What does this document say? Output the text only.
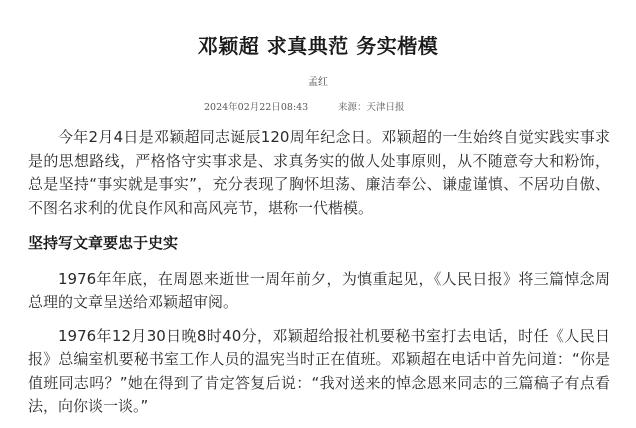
邓颖超 求真典范 务实楷模
孟红
2024年02月22日08:43	来源：天津日报

今年2月4日是邓颖超同志诞辰120周年纪念日。邓颖超的一生始终自觉实践实事求是的思想路线，严格恪守实事求是、求真务实的做人处事原则，从不随意夸大和粉饰，总是坚持“事实就是事实”，充分表现了胸怀坦荡、廉洁奉公、谦虚谨慎、不居功自傲、不图名求利的优良作风和高风亮节，堪称一代楷模。

坚持写文章要忠于史实

1976年年底，在周恩来逝世一周年前夕，为慎重起见，《人民日报》将三篇悼念周总理的文章呈送给邓颖超审阅。

1976年12月30日晚8时40分，邓颖超给报社机要秘书室打去电话，时任《人民日报》总编室机要秘书室工作人员的温宪当时正在值班。邓颖超在电话中首先问道：“你是值班同志吗？”她在得到了肯定答复后说：“我对送来的悼念恩来同志的三篇稿子有点看法，向你谈一谈。”
